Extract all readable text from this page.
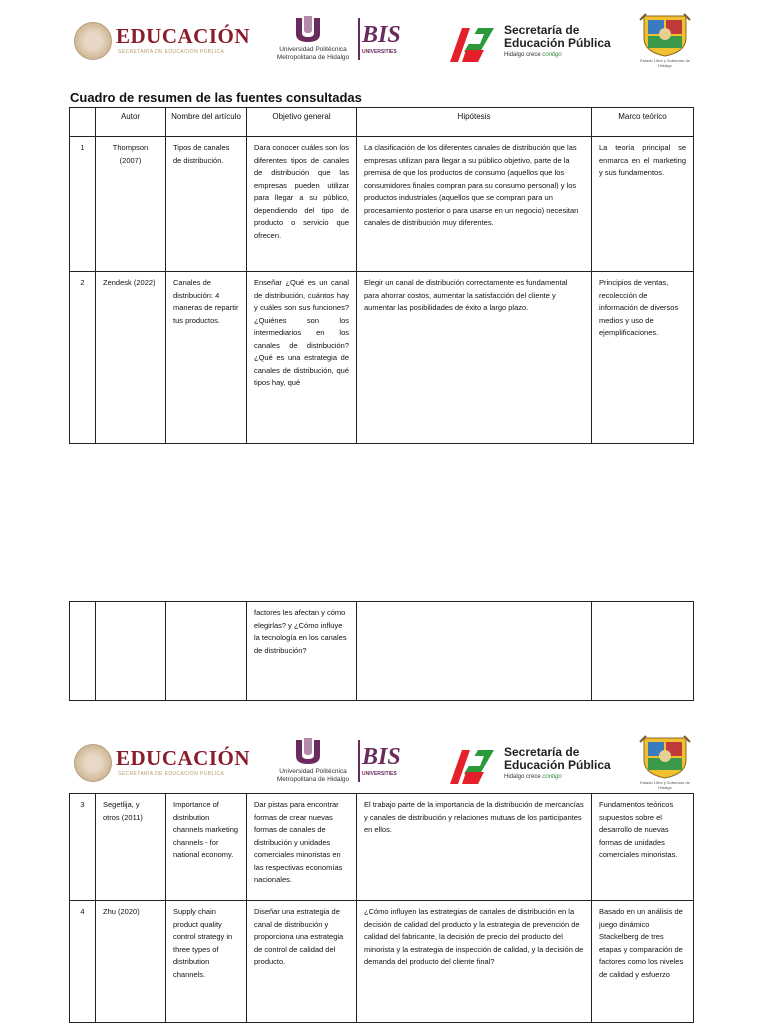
EDUCACIÓN
SECRETARÍA DE EDUCACIÓN PÚBLICA	Universidad Politécnica
Metropolitana de Hidalgo
BIS
UNIVERSITIES
Secretaría de
Educación Pública
Hidalgo crece contigo
Estado Libre y Soberano de Hidalgo
Cuadro de resumen de las fuentes consultadas
	Autor	Nombre del artículo	Objetivo general	Hipótesis	Marco teórico
1	Thompson (2007)	Tipos de canales de distribución.	Dara conocer cuáles son los diferentes tipos de canales de distribución que las empresas pueden utilizar para llegar a su público, dependiendo del tipo de producto o servicio que ofrecen.	La clasificación de los diferentes canales de distribución que las empresas utilizan para llegar a su público objetivo, parte de la premisa de que los productos de consumo (aquellos que los consumidores finales compran para su consumo personal) y los productos industriales (aquellos que se compran para un procesamiento posterior o para usarse en un negocio) necesitan canales de distribución muy diferentes.	La teoría principal se enmarca en el marketing y sus fundamentos.
2	Zendesk (2022)	Canales de distribución: 4 maneras de repartir tus productos.	Enseñar ¿Qué es un canal de distribución, cuántos hay y cuáles son sus funciones? ¿Quiénes son los intermediarios en los canales de distribución? ¿Qué es una estrategia de canales de distribución, qué tipos hay, qué	Elegir un canal de distribución correctamente es fundamental para ahorrar costos, aumentar la satisfacción del cliente y aumentar las posibilidades de éxito a largo plazo.	Principios de ventas, recolección de información de diversos medios y uso de ejemplificaciones.
			factores les afectan y cómo elegirlas? y ¿Cómo influye la tecnología en los canales de distribución?		
EDUCACIÓN
SECRETARÍA DE EDUCACIÓN PÚBLICA	Universidad Politécnica
Metropolitana de Hidalgo
BIS
UNIVERSITIES
Secretaría de
Educación Pública
Hidalgo crece contigo
Estado Libre y Soberano de Hidalgo
3	Segetlija, y otros (2011)	Importance of distribution channels marketing channels - for national economy.	Dar pistas para encontrar formas de crear nuevas formas de canales de distribución y unidades comerciales minoristas en las respectivas economías nacionales.	El trabajo parte de la importancia de la distribución de mercancías y canales de distribución y relaciones mutuas de los participantes en ellos.	Fundamentos teóricos supuestos sobre el desarrollo de nuevas formas de unidades comerciales minoristas.
4	Zhu (2020)	Supply chain product quality control strategy in three types of distribution channels.	Diseñar una estrategia de canal de distribución y proporciona una estrategia de control de calidad del producto.	¿Cómo influyen las estrategias de canales de distribución en la decisión de calidad del producto y la estrategia de prevención de calidad del fabricante, la decisión de precio del producto del minorista y la estrategia de inspección de calidad, y la decisión de demanda del producto del cliente final?	Basado en un análisis de juego dinámico Stackelberg de tres etapas y comparación de factores como los niveles de calidad y esfuerzo
